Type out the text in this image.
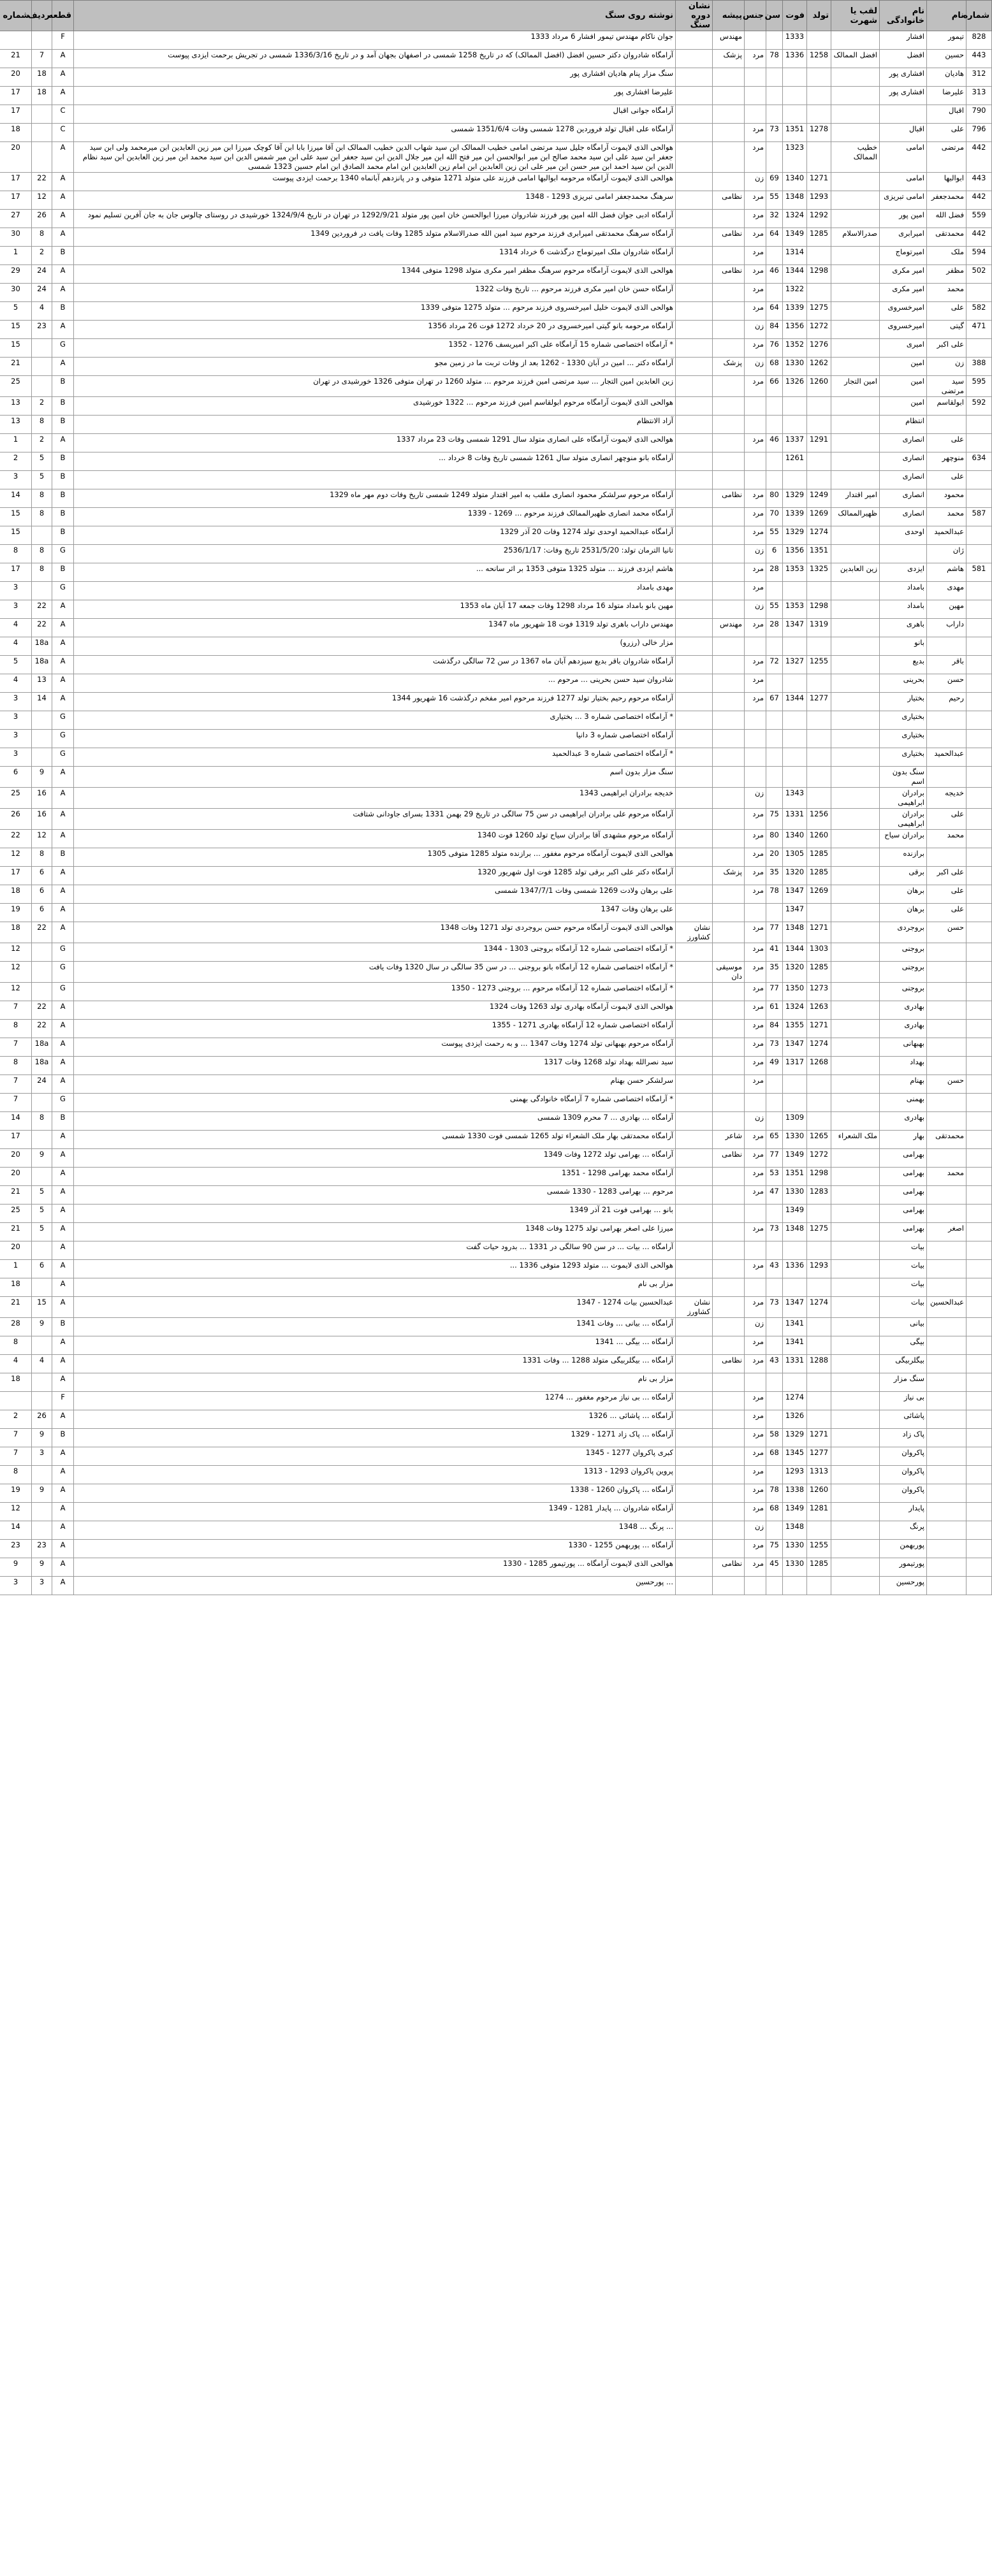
شماره	نام	نام خانوادگی	لقب یا شهرت	تولد	فوت	سن	جنس	پیشه	نشان دوره سنگ	نوشته روی سنگ	قطعه	ردیف	شماره
828	تیمور	افشار			1333			مهندس		جوان ناکام مهندس تیمور افشار 6 مرداد 1333	F		
443	حسین	افضل	افضل الممالک	1258	1336	78	مرد	پزشک		آرامگاه شادروان دکتر حسین افضل (افضل الممالک) که در تاریخ 1258 شمسی در اصفهان بجهان آمد و در تاریخ 1336/3/16 شمسی در تجریش برحمت ایزدی پیوست	A	7	21
312	هادیان	افشاری پور								سنگ مزار پنام هادیان افشاری پور	A	18	20
313	علیرضا	افشاری پور								علیرضا افشاری پور	A	18	17
790	اقبال									آرامگاه جوانی اقبال	C		17
796	علی	اقبال		1278	1351	73	مرد			آرامگاه علی اقبال تولد فروردین 1278 شمسی وفات 1351/6/4 شمسی	C		18
442	مرتضی	امامی	خطیب الممالک		1323		مرد			هوالحی الذی لایموت آرامگاه جلیل سید مرتضی امامی خطیب الممالک ابن سید شهاب الدین خطیب الممالک ابن آقا میرزا بابا ابن آقا کوچک میرزا ابن میر زین العابدین ابن میرمحمد ولی ابن سید جعفر ابن سید علی ابن سید محمد صالح ابن میر ابوالحسن ابن میر فتح الله ابن میر جلال الدین ابن سید جعفر ابن سید علی ابن میر شمس الدین ابن سید محمد ابن میر زین العابدین ابن سید نظام الدین ابن سید احمد ابن میر حسن ابن میر علی ابن زین العابدین ابن امام زین العابدین ابن امام محمد الصادق ابن امام حسین 1323 شمسی	A		20
443	ابوالبها	امامی		1271	1340	69	زن			هوالحی الذی لایموت آرامگاه مرحومه ابوالبها امامی فرزند علی متولد 1271 متوفی و در پانزدهم آبانماه 1340 برحمت ایزدی پیوست	A	22	17
442	محمدجعفر	امامی تبریزی		1293	1348	55	مرد	نظامی		سرهنگ محمدجعفر امامی تبریزی 1293 - 1348	A	12	17
559	فضل الله	امین پور		1292	1324	32	مرد			آرامگاه ادبی جوان فضل الله امین پور فرزند شادروان میرزا ابوالحسن خان امین پور متولد 1292/9/21 در تهران در تاریخ 1324/9/4 خورشیدی در روستای چالوس جان به جان آفرین تسلیم نمود	A	26	27
442	محمدتقی	امیرابری	صدرالاسلام	1285	1349	64	مرد	نظامی		آرامگاه سرهنگ محمدتقی امیرابری فرزند مرحوم سید امین الله صدرالاسلام متولد 1285 وفات یافت در فروردین 1349	A	8	30
594	ملک	امیرتوماج			1314		مرد			آرامگاه شادروان ملک امیرتوماج درگذشت 6 خرداد 1314	B	2	1
502	مظفر	امیر مکری		1298	1344	46	مرد	نظامی		هوالحی الذی لایموت آرامگاه مرحوم سرهنگ مظفر امیر مکری متولد 1298 متوفی 1344	A	24	29
	محمد	امیر مکری			1322		مرد			آرامگاه حسن خان امیر مکری فرزند مرحوم ... تاریخ وفات 1322	A	24	30
582	علی	امیرخسروی		1275	1339	64	مرد			هوالحی الذی لایموت خلیل امیرخسروی فرزند مرحوم ... متولد 1275 متوفی 1339	B	4	5
471	گیتی	امیرخسروی		1272	1356	84	زن			آرامگاه مرحومه بانو گیتی امیرخسروی در 20 خرداد 1272 فوت 26 مرداد 1356	A	23	15
	علی اکبر	امیری		1276	1352	76	مرد			* آرامگاه اختصاصی شماره 15 آرامگاه علی اکبر امیریسف 1276 - 1352	G		15
388	زن	امین		1262	1330	68	زن	پزشک		آرامگاه دکتر ... امین در آبان 1330 - 1262 بعد از وفات تربت ما در زمین مجو	A		21
595	سید مرتضی	امین	امین التجار	1260	1326	66	مرد			زین العابدین امین التجار ... سید مرتضی امین فرزند مرحوم ... متولد 1260 در تهران متوفی 1326 خورشیدی در تهران	B		25
592	ابولقاسم	امین								هوالحی الذی لایموت آرامگاه مرحوم ابولقاسم امین فرزند مرحوم ... 1322 خورشیدی	B	2	13
		انتظام								آزاد الانتظام	B	8	13
	علی	انصاری		1291	1337	46	مرد			هوالحی الذی لایموت آرامگاه علی انصاری متولد سال 1291 شمسی وفات 23 مرداد 1337	A	2	1
634	منوچهر	انصاری			1261					آرامگاه بانو منوچهر انصاری متولد سال 1261 شمسی تاریخ وفات 8 خرداد ...	B	5	2
	علی	انصاری									B	5	3
	محمود	انصاری	امیر اقتدار	1249	1329	80	مرد	نظامی		آرامگاه مرحوم سرلشکر محمود انصاری ملقب به امیر اقتدار متولد 1249 شمسی تاریخ وفات دوم مهر ماه 1329	B	8	14
587	محمد	انصاری	ظهیرالممالک	1269	1339	70	مرد			آرامگاه محمد انصاری ظهیرالممالک فرزند مرحوم ... 1269 - 1339	B	8	15
	عبدالحمید	اوحدی		1274	1329	55	مرد			آرامگاه عبدالحمید اوحدی تولد 1274 وفات 20 آذر 1329	B		15
	ژان			1351	1356	6	زن			تانیا الترمان تولد: 2531/5/20 تاریخ وفات: 2536/1/17	G	8	8
581	هاشم	ایزدی	زین العابدین	1325	1353	28	مرد			هاشم ایزدی فرزند ... متولد 1325 متوفی 1353 بر اثر سانحه ...	B	8	17
	مهدی	بامداد					مرد			مهدی بامداد	G		3
	مهین	بامداد		1298	1353	55	زن			مهین بانو بامداد متولد 16 مرداد 1298 وفات جمعه 17 آبان ماه 1353	A	22	3
	داراب	باهری		1319	1347	28	مرد	مهندس		مهندس داراب باهری تولد 1319 فوت 18 شهریور ماه 1347	A	22	4
		بانو								مزار خالی (رزرو)	A	18a	4
	باقر	بدیع		1255	1327	72	مرد			آرامگاه شادروان باقر بدیع سیزدهم آبان ماه 1367 در سن 72 سالگی درگذشت	A	18a	5
	حسن	بحرینی					مرد			شادروان سید حسن بحرینی ... مرحوم ...	A	13	4
	رحیم	بختیار		1277	1344	67	مرد			آرامگاه مرحوم رحیم بختیار تولد 1277 فرزند مرحوم امیر مفخم درگذشت 16 شهریور 1344	A	14	3
		بختیاری								* آرامگاه اختصاصی شماره 3 ... بختیاری	G		3
		بختیاری								آرامگاه اختصاصی شماره 3 دانیا	G		3
	عبدالحمید	بختیاری								* آرامگاه اختصاصی شماره 3 عبدالحمید	G		3
		سنگ بدون اسم								سنگ مزار بدون اسم	A	9	6
	خدیجه	برادران ابراهیمی			1343		زن			خدیجه برادران ابراهیمی 1343	A	16	25
	علی	برادران ابراهیمی		1256	1331	75	مرد			آرامگاه مرحوم علی برادران ابراهیمی در سن 75 سالگی در تاریخ 29 بهمن 1331 بسرای جاودانی شتافت	A	16	26
	محمد	برادران سیاح		1260	1340	80	مرد			آرامگاه مرحوم مشهدی آقا برادران سیاح تولد 1260 فوت 1340	A	12	22
		برازنده		1285	1305	20	مرد			هوالحی الذی لایموت آرامگاه مرحوم مغفور ... برازنده متولد 1285 متوفی 1305	B	8	12
	علی اکبر	برقی		1285	1320	35	مرد	پزشک		آرامگاه دکتر علی اکبر برقی تولد 1285 فوت اول شهریور 1320	A	6	17
	علی	برهان		1269	1347	78	مرد			علی برهان ولادت 1269 شمسی وفات 1347/7/1 شمسی	A	6	18
	علی	برهان			1347					علی برهان وفات 1347	A	6	19
	حسن	بروجردی		1271	1348	77	مرد		نشان کشاورز	هوالحی الذی لایموت آرامگاه مرحوم حسن بروجردی تولد 1271 وفات 1348	A	22	18
		بروجنی		1303	1344	41	مرد			* آرامگاه اختصاصی شماره 12 آرامگاه بروجنی 1303 - 1344	G		12
		بروجنی		1285	1320	35	مرد	موسیقی دان		* آرامگاه اختصاصی شماره 12 آرامگاه بانو بروجنی ... در سن 35 سالگی در سال 1320 وفات یافت	G		12
		بروجنی		1273	1350	77	مرد			* آرامگاه اختصاصی شماره 12 آرامگاه مرحوم ... بروجنی 1273 - 1350	G		12
		بهادری		1263	1324	61	مرد			هوالحی الذی لایموت آرامگاه بهادری تولد 1263 وفات 1324	A	22	7
		بهادری		1271	1355	84	مرد			آرامگاه اختصاصی شماره 12 آرامگاه بهادری 1271 - 1355	A	22	8
		بهبهانی		1274	1347	73	مرد			آرامگاه مرحوم بهبهانی تولد 1274 وفات 1347 ... و به رحمت ایزدی پیوست	A	18a	7
		بهداد		1268	1317	49	مرد			سید نصرالله بهداد تولد 1268 وفات 1317	A	18a	8
	حسن	بهنام					مرد			سرلشکر حسن بهنام	A	24	7
		بهمنی								* آرامگاه اختصاصی شماره 7 آرامگاه خانوادگی بهمنی	G		7
		بهادری			1309		زن			آرامگاه ... بهادری ... 7 محرم 1309 شمسی	B	8	14
	محمدتقی	بهار	ملک الشعراء	1265	1330	65	مرد	شاعر		آرامگاه محمدتقی بهار ملک الشعراء تولد 1265 شمسی فوت 1330 شمسی	A		17
		بهرامی		1272	1349	77	مرد	نظامی		آرامگاه ... بهرامی تولد 1272 وفات 1349	A	9	20
	محمد	بهرامی		1298	1351	53	مرد			آرامگاه محمد بهرامی 1298 - 1351	A		20
		بهرامی		1283	1330	47	مرد			مرحوم ... بهرامی 1283 - 1330 شمسی	A	5	21
		بهرامی			1349					بانو ... بهرامی فوت 21 آذر 1349	A	5	25
	اصغر	بهرامی		1275	1348	73	مرد			میرزا علی اصغر بهرامی تولد 1275 وفات 1348	A	5	21
		بیات								آرامگاه ... بیات ... در سن 90 سالگی در 1331 ... بدرود حیات گفت	A		20
		بیات		1293	1336	43	مرد			هوالحی الذی لایموت ... متولد 1293 متوفی 1336 ...	A	6	1
		بیات								مزار بی نام	A		18
	عبدالحسین	بیات		1274	1347	73	مرد		نشان کشاورز	عبدالحسین بیات 1274 - 1347	A	15	21
		بیانی			1341		زن			آرامگاه ... بیانی ... وفات 1341	B	9	28
		بیگی			1341		مرد			آرامگاه ... بیگی ... 1341	A		8
		بیگلربیگی		1288	1331	43	مرد	نظامی		آرامگاه ... بیگلربیگی متولد 1288 ... وفات 1331	A	4	4
		سنگ مزار								مزار بی نام	A		18
		بی نیاز			1274		مرد			آرامگاه ... بی نیاز مرحوم مغفور ... 1274	F		
		پاشائی			1326		مرد			آرامگاه ... پاشائی ... 1326	A	26	2
		پاک زاد		1271	1329	58	مرد			آرامگاه ... پاک زاد 1271 - 1329	B	9	7
		پاکروان		1277	1345	68	مرد			کبری پاکروان 1277 - 1345	A	3	7
		پاکروان		1313	1293		مرد			پروین پاکروان 1293 - 1313	A		8
		پاکروان		1260	1338	78	مرد			آرامگاه ... پاکروان 1260 - 1338	A	9	19
		پایدار		1281	1349	68	مرد			آرامگاه شادروان ... پایدار 1281 - 1349	A		12
		پرنگ			1348		زن			... پرنگ ... 1348	A		14
		پوربهمن		1255	1330	75	مرد			آرامگاه ... پوربهمن 1255 - 1330	A	23	23
		پورتیمور		1285	1330	45	مرد	نظامی		هوالحی الذی لایموت آرامگاه ... پورتیمور 1285 - 1330	A	9	9
		پورحسین								... پورحسین	A	3	3
